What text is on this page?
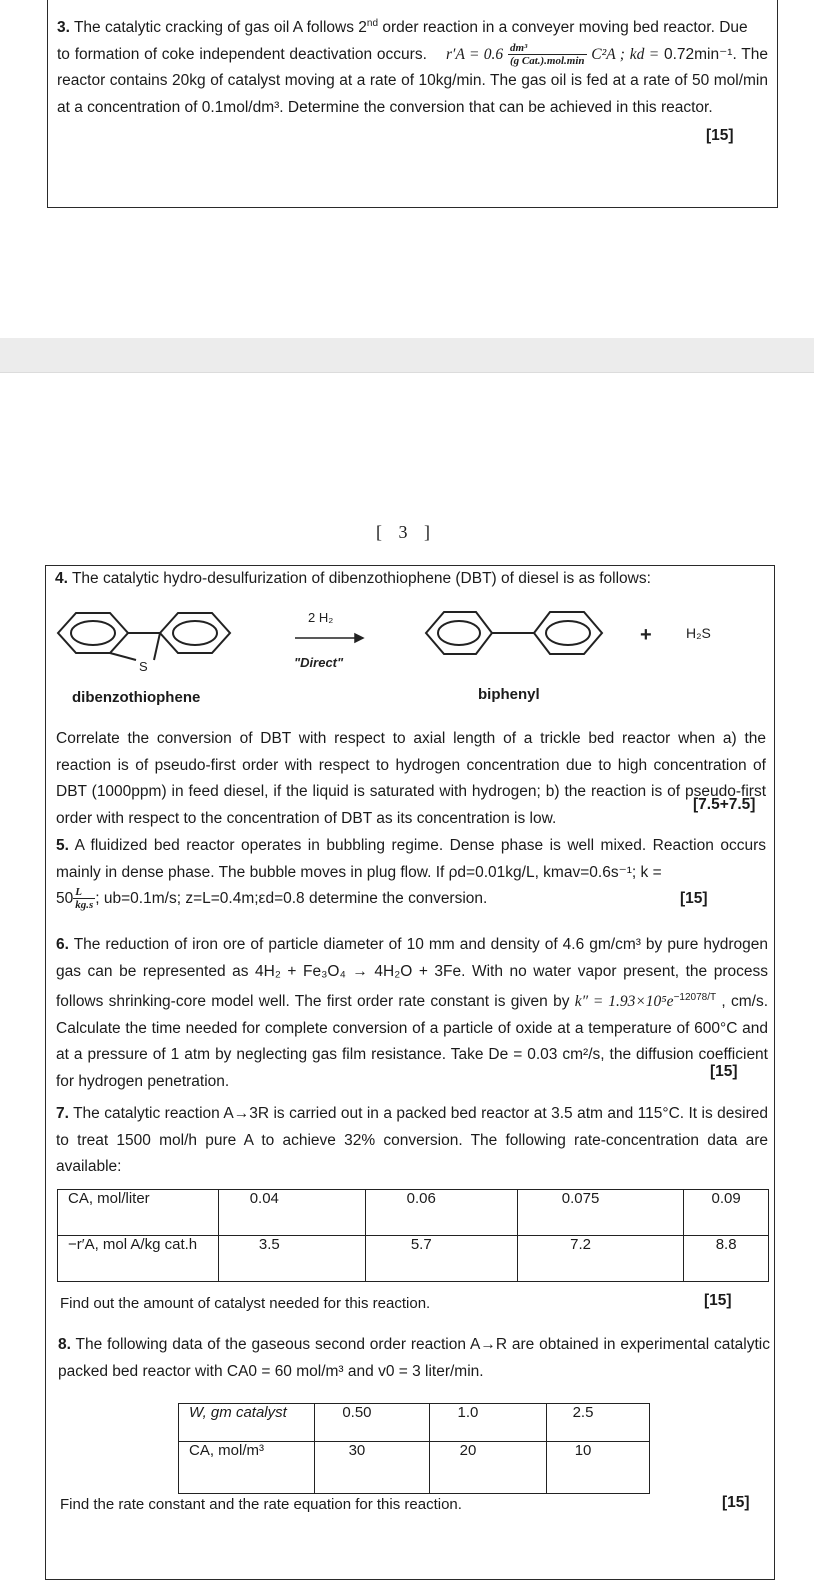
3. The catalytic cracking of gas oil A follows 2nd order reaction in a conveyer moving bed reactor. Due
to formation of coke independent deactivation occurs. $r'A = 0.6 \frac{\text{dm³}}{\text{(g Cat.).mol.min}} C^2A$ ; kd = 0.72min⁻¹. The reactor contains 20kg of catalyst moving at a rate of 10kg/min. The gas oil is fed at a rate of 50 mol/min at a concentration of 0.1mol/dm³. Determine the conversion that can be achieved in this reactor.

[15]
[ 3 ]
4. The catalytic hydro-desulfurization of dibenzothiophene (DBT) of diesel is as follows:
S
2 H₂
"Direct"
+ H₂S
dibenzothiophene	biphenyl

Correlate the conversion of DBT with respect to axial length of a trickle bed reactor when a) the reaction is of pseudo-first order with respect to hydrogen concentration due to high concentration of DBT (1000ppm) in feed diesel, if the liquid is saturated with hydrogen; b) the reaction is of pseudo-first order with respect to the concentration of DBT as its concentration is low.

[7.5+7.5]

5. A fluidized bed reactor operates in bubbling regime. Dense phase is well mixed. Reaction occurs mainly in dense phase. The bubble moves in plug flow. If ρd=0.01kg/L, kmav=0.6s⁻¹; k =
$50 \frac{L}{kg.s}$ ; ub=0.1m/s; z=L=0.4m;εd=0.8 determine the conversion.	[15]

6. The reduction of iron ore of particle diameter of 10 mm and density of 4.6 gm/cm³ by pure hydrogen gas can be represented as 4H₂ + Fe₃O₄ → 4H₂O + 3Fe. With no water vapor present, the process follows shrinking-core model well. The first order rate constant is given by $k'' = 1.93\times 10^5e^{-12078/T}$ , cm/s. Calculate the time needed for complete conversion of a particle of oxide at a temperature of 600°C and at a pressure of 1 atm by neglecting gas film resistance. Take De = 0.03 cm²/s, the diffusion coefficient for hydrogen penetration.

[15]

7. The catalytic reaction A→3R is carried out in a packed bed reactor at 3.5 atm and 115°C. It is desired to treat 1500 mol/h pure A to achieve 32% conversion. The following rate-concentration data are available:

CA, mol/liter	0.04	0.06	0.075	0.09
−r′A, mol A/kg cat.h	3.5	5.7	7.2	8.8
Find out the amount of catalyst needed for this reaction.	[15]

8. The following data of the gaseous second order reaction A→R are obtained in experimental catalytic packed bed reactor with CA0 = 60 mol/m³ and v0 = 3 liter/min.

W, gm catalyst	0.50	1.0	2.5
CA, mol/m³	30	20	10
Find the rate constant and the rate equation for this reaction.	[15]
